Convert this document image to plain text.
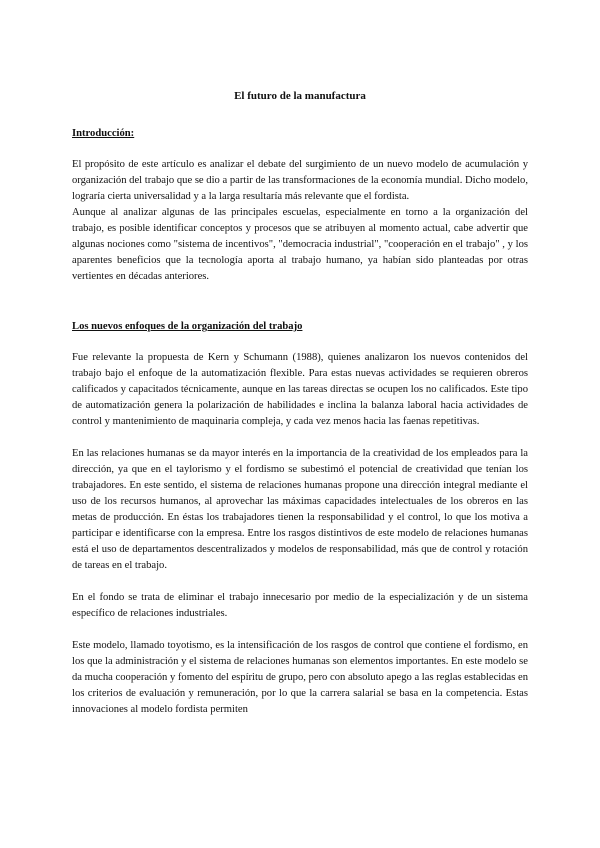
El futuro de la manufactura
Introducción:

El propósito de este artículo es analizar el debate del surgimiento de un nuevo modelo de acumulación y organización del trabajo que se dio a partir de las transformaciones de la economía mundial. Dicho modelo, lograría cierta universalidad y a la larga resultaría más relevante que el fordista.

Aunque al analizar algunas de las principales escuelas, especialmente en torno a la organización del trabajo, es posible identificar conceptos y procesos que se atribuyen al momento actual, cabe advertir que algunas nociones como "sistema de incentivos", "democracia industrial", "cooperación en el trabajo" , y los aparentes beneficios que la tecnología aporta al trabajo humano, ya habían sido planteadas por otras vertientes en décadas anteriores.

Los nuevos enfoques de la organización del trabajo

Fue relevante la propuesta de Kern y Schumann (1988), quienes analizaron los nuevos contenidos del trabajo bajo el enfoque de la automatización flexible. Para estas nuevas actividades se requieren obreros calificados y capacitados técnicamente, aunque en las tareas directas se ocupen los no calificados. Este tipo de automatización genera la polarización de habilidades e inclina la balanza laboral hacia actividades de control y mantenimiento de maquinaria compleja, y cada vez menos hacia las faenas repetitivas.

En las relaciones humanas se da mayor interés en la importancia de la creatividad de los empleados para la dirección, ya que en el taylorismo y el fordismo se subestimó el potencial de creatividad que tenían los trabajadores. En este sentido, el sistema de relaciones humanas propone una dirección integral mediante el uso de los recursos humanos, al aprovechar las máximas capacidades intelectuales de los obreros en las metas de producción. En éstas los trabajadores tienen la responsabilidad y el control, lo que los motiva a participar e identificarse con la empresa. Entre los rasgos distintivos de este modelo de relaciones humanas está el uso de departamentos descentralizados y modelos de responsabilidad, más que de control y rotación de tareas en el trabajo.

En el fondo se trata de eliminar el trabajo innecesario por medio de la especialización y de un sistema específico de relaciones industriales.

Este modelo, llamado toyotismo, es la intensificación de los rasgos de control que contiene el fordismo, en los que la administración y el sistema de relaciones humanas son elementos importantes. En este modelo se da mucha cooperación y fomento del espíritu de grupo, pero con absoluto apego a las reglas establecidas en los criterios de evaluación y remuneración, por lo que la carrera salarial se basa en la competencia. Estas innovaciones al modelo fordista permiten
